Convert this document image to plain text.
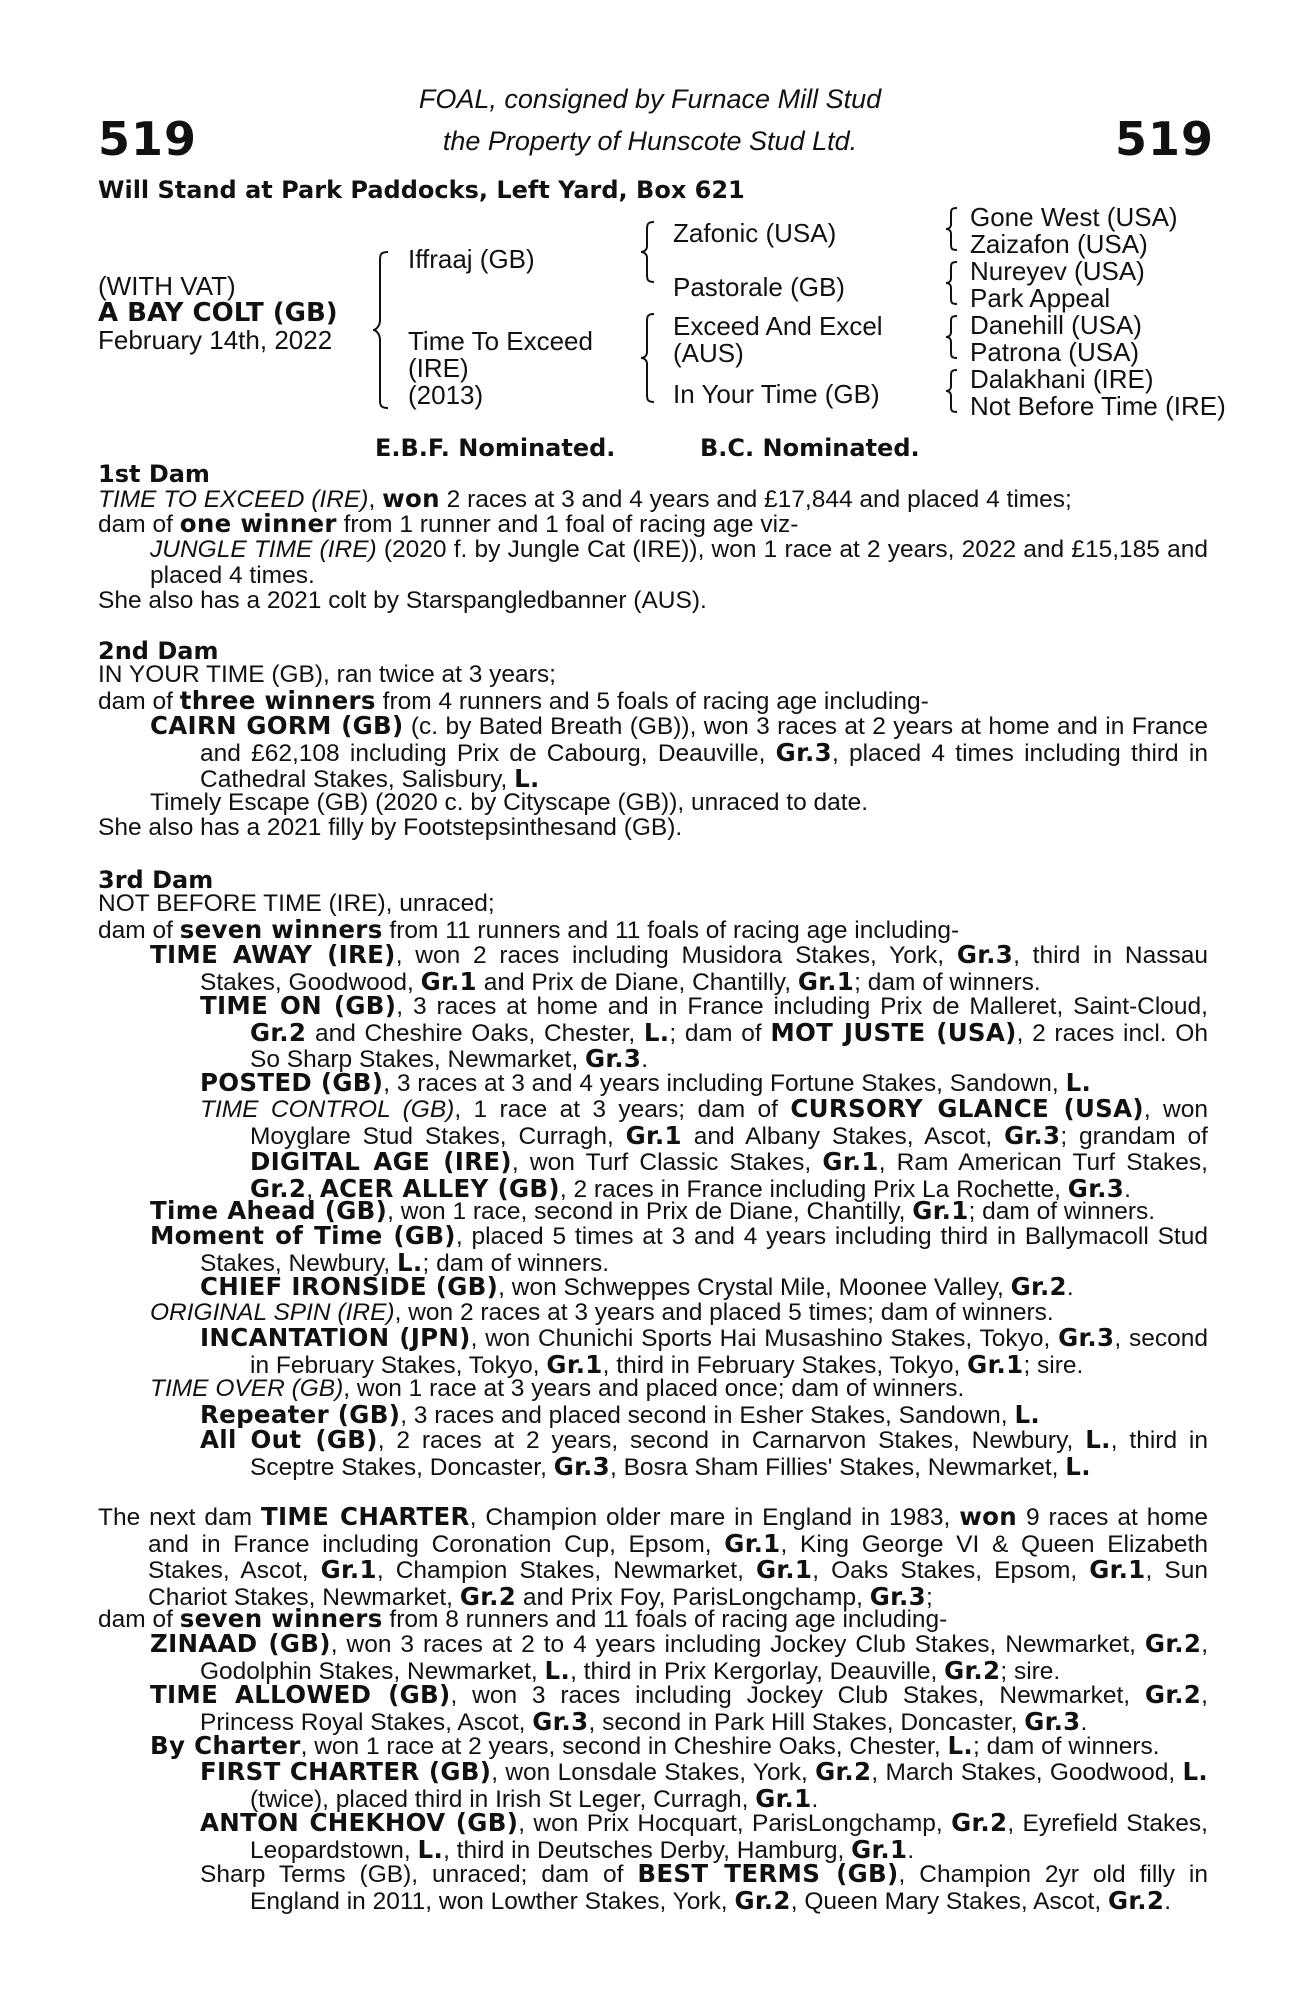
519	519
FOAL, consigned by Furnace Mill Stud
the Property of Hunscote Stud Ltd.
Will Stand at Park Paddocks, Left Yard, Box 621
(WITH VAT)
A BAY COLT (GB)
February 14th, 2022
Iffraaj (GB)
Time To Exceed
(IRE)
(2013)
Zafonic (USA)
Pastorale (GB)
Exceed And Excel
(AUS)
In Your Time (GB)
Gone West (USA)
Zaizafon (USA)
Nureyev (USA)
Park Appeal
Danehill (USA)
Patrona (USA)
Dalakhani (IRE)
Not Before Time (IRE)
E.B.F. Nominated.	B.C. Nominated.
1st Dam
TIME TO EXCEED (IRE), won 2 races at 3 and 4 years and £17,844 and placed 4 times;
dam of one winner from 1 runner and 1 foal of racing age viz-
JUNGLE TIME (IRE) (2020 f. by Jungle Cat (IRE)), won 1 race at 2 years, 2022 and £15,185 and placed 4 times.
She also has a 2021 colt by Starspangledbanner (AUS).
2nd Dam
IN YOUR TIME (GB), ran twice at 3 years;
dam of three winners from 4 runners and 5 foals of racing age including-
CAIRN GORM (GB) (c. by Bated Breath (GB)), won 3 races at 2 years at home and in France and £62,108 including Prix de Cabourg, Deauville, Gr.3, placed 4 times including third in Cathedral Stakes, Salisbury, L.
Timely Escape (GB) (2020 c. by Cityscape (GB)), unraced to date.
She also has a 2021 filly by Footstepsinthesand (GB).
3rd Dam
NOT BEFORE TIME (IRE), unraced;
dam of seven winners from 11 runners and 11 foals of racing age including-
TIME AWAY (IRE), won 2 races including Musidora Stakes, York, Gr.3, third in Nassau Stakes, Goodwood, Gr.1 and Prix de Diane, Chantilly, Gr.1; dam of winners.
TIME ON (GB), 3 races at home and in France including Prix de Malleret, Saint-Cloud, Gr.2 and Cheshire Oaks, Chester, L.; dam of MOT JUSTE (USA), 2 races incl. Oh So Sharp Stakes, Newmarket, Gr.3.
POSTED (GB), 3 races at 3 and 4 years including Fortune Stakes, Sandown, L.
TIME CONTROL (GB), 1 race at 3 years; dam of CURSORY GLANCE (USA), won Moyglare Stud Stakes, Curragh, Gr.1 and Albany Stakes, Ascot, Gr.3; grandam of DIGITAL AGE (IRE), won Turf Classic Stakes, Gr.1, Ram American Turf Stakes, Gr.2, ACER ALLEY (GB), 2 races in France including Prix La Rochette, Gr.3.
Time Ahead (GB), won 1 race, second in Prix de Diane, Chantilly, Gr.1; dam of winners.
Moment of Time (GB), placed 5 times at 3 and 4 years including third in Ballymacoll Stud Stakes, Newbury, L.; dam of winners.
CHIEF IRONSIDE (GB), won Schweppes Crystal Mile, Moonee Valley, Gr.2.
ORIGINAL SPIN (IRE), won 2 races at 3 years and placed 5 times; dam of winners.
INCANTATION (JPN), won Chunichi Sports Hai Musashino Stakes, Tokyo, Gr.3, second in February Stakes, Tokyo, Gr.1, third in February Stakes, Tokyo, Gr.1; sire.
TIME OVER (GB), won 1 race at 3 years and placed once; dam of winners.
Repeater (GB), 3 races and placed second in Esher Stakes, Sandown, L.
All Out (GB), 2 races at 2 years, second in Carnarvon Stakes, Newbury, L., third in Sceptre Stakes, Doncaster, Gr.3, Bosra Sham Fillies' Stakes, Newmarket, L.
The next dam TIME CHARTER, Champion older mare in England in 1983, won 9 races at home and in France including Coronation Cup, Epsom, Gr.1, King George VI & Queen Elizabeth Stakes, Ascot, Gr.1, Champion Stakes, Newmarket, Gr.1, Oaks Stakes, Epsom, Gr.1, Sun Chariot Stakes, Newmarket, Gr.2 and Prix Foy, ParisLongchamp, Gr.3;
dam of seven winners from 8 runners and 11 foals of racing age including-
ZINAAD (GB), won 3 races at 2 to 4 years including Jockey Club Stakes, Newmarket, Gr.2, Godolphin Stakes, Newmarket, L., third in Prix Kergorlay, Deauville, Gr.2; sire.
TIME ALLOWED (GB), won 3 races including Jockey Club Stakes, Newmarket, Gr.2, Princess Royal Stakes, Ascot, Gr.3, second in Park Hill Stakes, Doncaster, Gr.3.
By Charter, won 1 race at 2 years, second in Cheshire Oaks, Chester, L.; dam of winners.
FIRST CHARTER (GB), won Lonsdale Stakes, York, Gr.2, March Stakes, Goodwood, L. (twice), placed third in Irish St Leger, Curragh, Gr.1.
ANTON CHEKHOV (GB), won Prix Hocquart, ParisLongchamp, Gr.2, Eyrefield Stakes, Leopardstown, L., third in Deutsches Derby, Hamburg, Gr.1.
Sharp Terms (GB), unraced; dam of BEST TERMS (GB), Champion 2yr old filly in England in 2011, won Lowther Stakes, York, Gr.2, Queen Mary Stakes, Ascot, Gr.2.
